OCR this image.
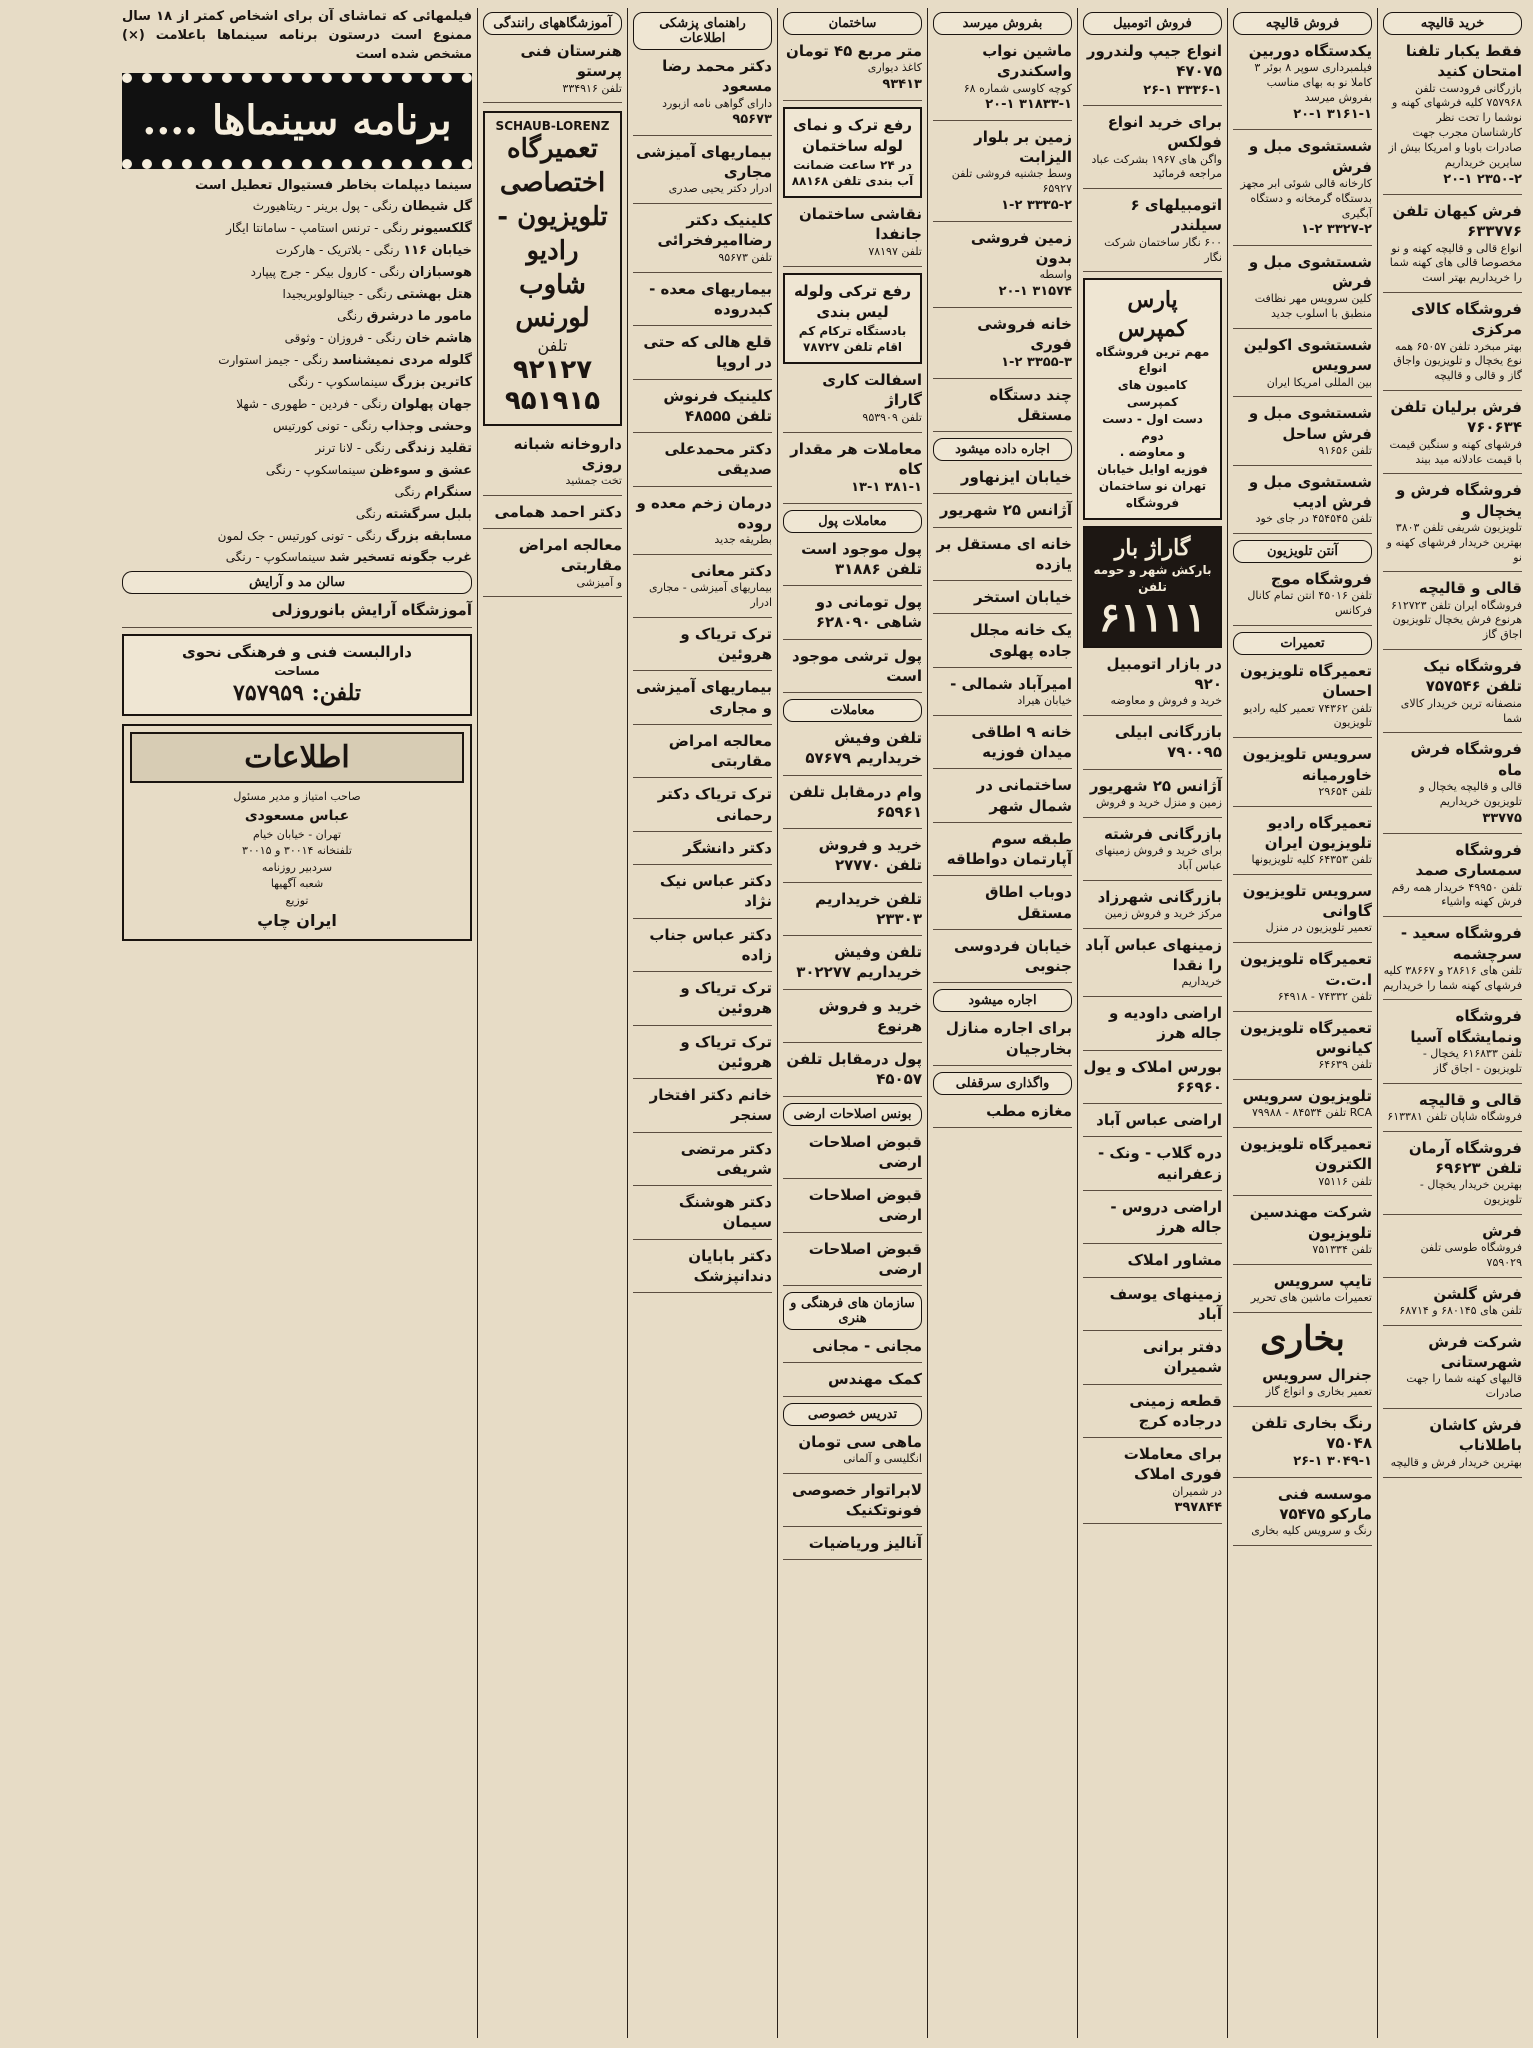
خرید قالیچه
فقط یکبار تلفنا امتحان کنید
بازرگانی فرودست تلفن ۷۵۷۹۶۸ کلیه فرشهای کهنه و نوشما را تحت نظر کارشناسان مجرب جهت صادرات باوبا و امریکا بیش از سایرین خریداریم
۲۳۵۰-۲ ۲۰-۱
فرش کیهان تلفن ۶۳۳۷۷۶
انواع قالی و قالیچه کهنه و نو مخصوصا قالی های کهنه شما را خریداریم بهتر است
فروشگاه کالای مرکزی
بهتر مبخرد تلفن ۶۵۰۵۷ همه نوع یخچال و تلویزیون واجاق گاز و قالی و قالیچه
فرش برلیان تلفن ۷۶۰۶۳۴
فرشهای کهنه و سنگین قیمت با قیمت عادلانه مید بیند
فروشگاه فرش و یخچال و
تلویزیون شریفی تلفن ۳۸۰۳ بهترین خریدار فرشهای کهنه و نو
قالی و قالیچه
فروشگاه ایران تلفن ۶۱۲۷۲۳ هرنوع فرش یخچال تلویزیون اجاق گاز
فروشگاه نیک تلفن ۷۵۷۵۴۶
منصفانه ترین خریدار کالای شما
فروشگاه فرش ماه
قالی و قالیچه یخچال و تلویزیون خریداریم
۳۳۷۷۵
فروشگاه سمساری صمد
تلفن ۴۹۹۵۰ خریدار همه رقم فرش کهنه واشیاء
فروشگاه سعید - سرچشمه
تلفن های ۲۸۶۱۶ و ۳۸۶۶۷ کلیه فرشهای کهنه شما را خریداریم
فروشگاه ونمایشگاه آسیا
تلفن ۶۱۶۸۳۳ یخچال - تلویزیون - اجاق گاز
قالی و قالیچه
فروشگاه شاپان تلفن ۶۱۳۳۸۱
فروشگاه آرمان تلفن ۶۹۶۲۳
بهترین خریدار یخچال - تلویزیون
فرش
فروشگاه طوسی تلفن ۷۵۹۰۲۹
فرش گلشن
تلفن های ۶۸۰۱۴۵ و ۶۸۷۱۴
شرکت فرش شهرستانی
قالیهای کهنه شما را جهت صادرات
فرش کاشان باطلاناب
بهترین خریدار فرش و قالیچه
فروش قالیچه
یکدستگاه دوربین
فیلمبرداری سوپر ۸ بوئر ۳ کاملا نو به بهای مناسب بفروش میرسد
۳۱۶۱-۱ ۲۰-۱
شستشوی مبل و فرش
کارخانه قالی شوئی ابر مجهز بدستگاه گرمخانه و دستگاه آبگیری
۳۳۲۷-۲ ۱-۲
شستشوی مبل و فرش
کلین سرویس مهر نظافت منطبق با اسلوب جدید
شستشوی اکولین سرویس
بین المللی امریکا ایران
شستشوی مبل و فرش ساحل
تلفن ۹۱۶۵۶
شستشوی مبل و فرش ادیب
تلفن ۴۵۴۵۴۵ در جای خود
آنتن تلویزیون
فروشگاه موج
تلفن ۴۵۰۱۶ انتن تمام کانال فرکانس
تعمیرات
تعمیرگاه تلویزیون احسان
تلفن ۷۴۳۶۲ تعمیر کلیه رادیو تلویزیون
سرویس تلویزیون خاورمیانه
تلفن ۲۹۶۵۴
تعمیرگاه رادیو تلویزیون ایران
تلفن ۶۴۳۵۳ کلیه تلویزیونها
سرویس تلویزیون گاوانی
تعمیر تلویزیون در منزل
تعمیرگاه تلویزیون ا.ت.ت
تلفن ۷۴۳۳۲ - ۶۴۹۱۸
تعمیرگاه تلویزیون کیانوس
تلفن ۶۴۶۳۹
تلویزیون سرویس
RCA تلفن ۸۴۵۳۴ - ۷۹۹۸۸
تعمیرگاه تلویزیون الکترون
تلفن ۷۵۱۱۶
شرکت مهندسین تلویزیون
تلفن ۷۵۱۳۳۴
تایپ سرویس
تعمیرات ماشین های تحریر
بخاری
جنرال سرویس
تعمیر بخاری و انواع گاز
رنگ بخاری تلفن ۷۵۰۴۸
۳۰۴۹-۱ ۲۶-۱
موسسه فنی مارکو ۷۵۴۷۵
رنگ و سرویس کلیه بخاری
فروش اتومبیل
انواع جیپ ولندرور ۴۷۰۷۵
۳۳۳۶-۱ ۲۶-۱
برای خرید انواع فولکس
واگن های ۱۹۶۷ بشرکت عباد مراجعه فرمائید
اتومبیلهای ۶ سیلندر
۶۰۰ نگار ساختمان شرکت نگار
پارس کمپرس
مهم ترین فروشگاه انواع
کامیون های کمپرسی
دست اول - دست دوم
و معاوضه .
فوزیه اوایل خیابان
تهران نو ساختمان فروشگاه
گاراژ بار
بارکش شهر و حومه
تلفن
۶۱۱۱۱
در بازار اتومبیل ۹۲۰
خرید و فروش و معاوضه
بازرگانی ابیلی ۷۹۰۰۹۵
آژانس ۲۵ شهریور
زمین و منزل خرید و فروش
بازرگانی فرشته
برای خرید و فروش زمینهای عباس آباد
بازرگانی شهرزاد
مرکز خرید و فروش زمین
زمینهای عباس آباد را نقدا
خریداریم
اراضی داودیه و جاله هرز
بورس املاک و یول ۶۶۹۶۰
اراضی عباس آباد
دره گلاب - ونک - زعفرانیه
اراضی دروس - جاله هرز
مشاور املاک
زمینهای یوسف آباد
دفتر برانی شمیران
قطعه زمینی درجاده کرج
برای معاملات فوری املاک
در شمیران
۳۹۷۸۴۴
بفروش میرسد
ماشین نواب واسکندری
کوچه کاوسی شماره ۶۸
۳۱۸۳۳-۱ ۲۰-۱
زمین بر بلوار الیزابت
وسط جشنیه فروشی تلفن ۶۵۹۲۷
۳۳۳۵-۲ ۱-۲
زمین فروشی بدون
واسطه
۳۱۵۷۴ ۲۰-۱
خانه فروشی فوری
۳۳۵۵-۳ ۱-۲
چند دستگاه مستقل
اجاره داده میشود
خیابان ایزنهاور
آژانس ۲۵ شهریور
خانه ای مستقل بر یازده
خیابان استخر
یک خانه مجلل جاده پهلوی
امیرآباد شمالی -
خیابان هیراد
خانه ۹ اطاقی میدان فوزیه
ساختمانی در شمال شهر
طبقه سوم آپارتمان دواطاقه
دوباب اطاق مستقل
خیابان فردوسی جنوبی
اجاره میشود
برای اجاره منازل بخارجیان
واگذاری سرقفلی
مغازه مطب
ساختمان
متر مربع ۴۵ تومان
کاغذ دیواری
۹۳۴۱۳
رفع ترک و نمای لوله ساختمان
در ۲۴ ساعت ضمانت آب بندی تلفن ۸۸۱۶۸
نقاشی ساختمان جانفدا
تلفن ۷۸۱۹۷
رفع ترکی ولوله لیس بندی
بادستگاه ترکام کم اقام تلفن ۷۸۷۲۷
اسفالت کاری گاراژ
تلفن ۹۵۳۹۰۹
معاملات هر مقدار کاه
۳۸۱-۱ ۱۳-۱
معاملات پول
پول موجود است تلفن ۳۱۸۸۶
پول تومانی دو شاهی ۶۲۸۰۹۰
پول ترشی موجود است
معاملات
تلفن وفیش خریداریم ۵۷۶۷۹
وام درمقابل تلفن ۶۵۹۶۱
خرید و فروش تلفن ۲۷۷۷۰
تلفن خریداریم ۲۳۳۰۳
تلفن وفیش خریداریم ۳۰۲۲۷۷
خرید و فروش هرنوع
پول درمقابل تلفن ۴۵۰۵۷
بونس اصلاحات ارضی
قبوض اصلاحات ارضی
قبوض اصلاحات ارضی
قبوض اصلاحات ارضی
سازمان های فرهنگی و هنری
مجانی - مجانی
کمک مهندس
تدریس خصوصی
ماهی سی تومان
انگلیسی و آلمانی
لابراتوار خصوصی فونوتکنیک
آنالیز وریاضیات
راهنمای پزشکی اطلاعات
دکتر محمد رضا مسعود
دارای گواهی نامه ازبورد
۹۵۶۷۳
بیماریهای آمیزشی مجاری
ادرار دکتر یحیی صدری
کلینیک دکتر رضاامیرفخرائی
تلفن ۹۵۶۷۳
بیماریهای معده - کبدروده
قلع هالی که حتی در اروپا
کلینیک فرنوش تلفن ۴۸۵۵۵
دکتر محمدعلی صدیقی
درمان زخم معده و روده
بطریقه جدید
دکتر معانی
بیماریهای آمیزشی - مجاری ادرار
ترک تریاک و هروئین
بیماریهای آمیزشی و مجاری
معالجه امراض مقاربتی
ترک تریاک دکتر رحمانی
دکتر دانشگر
دکتر عباس نیک نژاد
دکتر عباس جناب زاده
ترک تریاک و هروئین
ترک تریاک و هروئین
خانم دکتر افتخار سنجر
دکتر مرتضی شریفی
دکتر هوشنگ سیمان
دکتر بابایان دندانپزشک
آموزشگاههای رانندگی
هنرستان فنی پرستو
تلفن ۳۳۴۹۱۶
SCHAUB-LORENZ
تعمیرگاه اختصاصی
تلویزیون - رادیو
شاوب لورنس
تلفن
۹۲۱۲۷
۹۵۱۹۱۵
داروخانه شبانه روزی
تخت جمشید
دکتر احمد همامی
معالجه امراض مقاربتی
و آمیزشی
فیلمهائی که تماشای آن برای اشخاص کمتر از ۱۸ سال ممنوع است درستون برنامه سینماها باعلامت (×) مشخص شده است
برنامه سینماها ....
سینما دیپلمات بخاطر فستیوال تعطیل است
گل شیطان رنگی - پول برینر - ریتاهیورث
گلکسیونر رنگی - ترنس استامپ - سامانتا ایگار
خیابان ۱۱۶ رنگی - بلاتریک - هارکرت
هوسبازان رنگی - کارول بیکر - جرج پیپارد
هتل بهشتی رنگی - جینالولوبریجیدا
مامور ما درشرق رنگی
هاشم خان رنگی - فروزان - وثوقی
گلوله مردی نمیشناسد رنگی - جیمز استوارت
کاترین بزرگ سینماسکوپ - رنگی
جهان پهلوان رنگی - فردین - طهوری - شهلا
وحشی وجذاب رنگی - تونی کورتیس
تقلید زندگی رنگی - لانا ترنر
عشق و سوءظن سینماسکوپ - رنگی
سنگرام رنگی
بلبل سرگشته رنگی
مسابقه بزرگ رنگی - تونی کورتیس - جک لمون
غرب جگونه تسخیر شد سینماسکوپ - رنگی
سالن مد و آرایش
آموزشگاه آرایش بانوروزلی
دارالبست فنی و فرهنگی نحوی
مساحت
تلفن: ۷۵۷۹۵۹
اطلاعات
صاحب امتیاز و مدیر مسئول
عباس مسعودی
تهران - خیابان خیام
تلفنخانه ۳۰۰۱۴ و ۳۰۰۱۵
سردبیر روزنامه
شعبه آگهیها
توزیع
ایران چاپ
